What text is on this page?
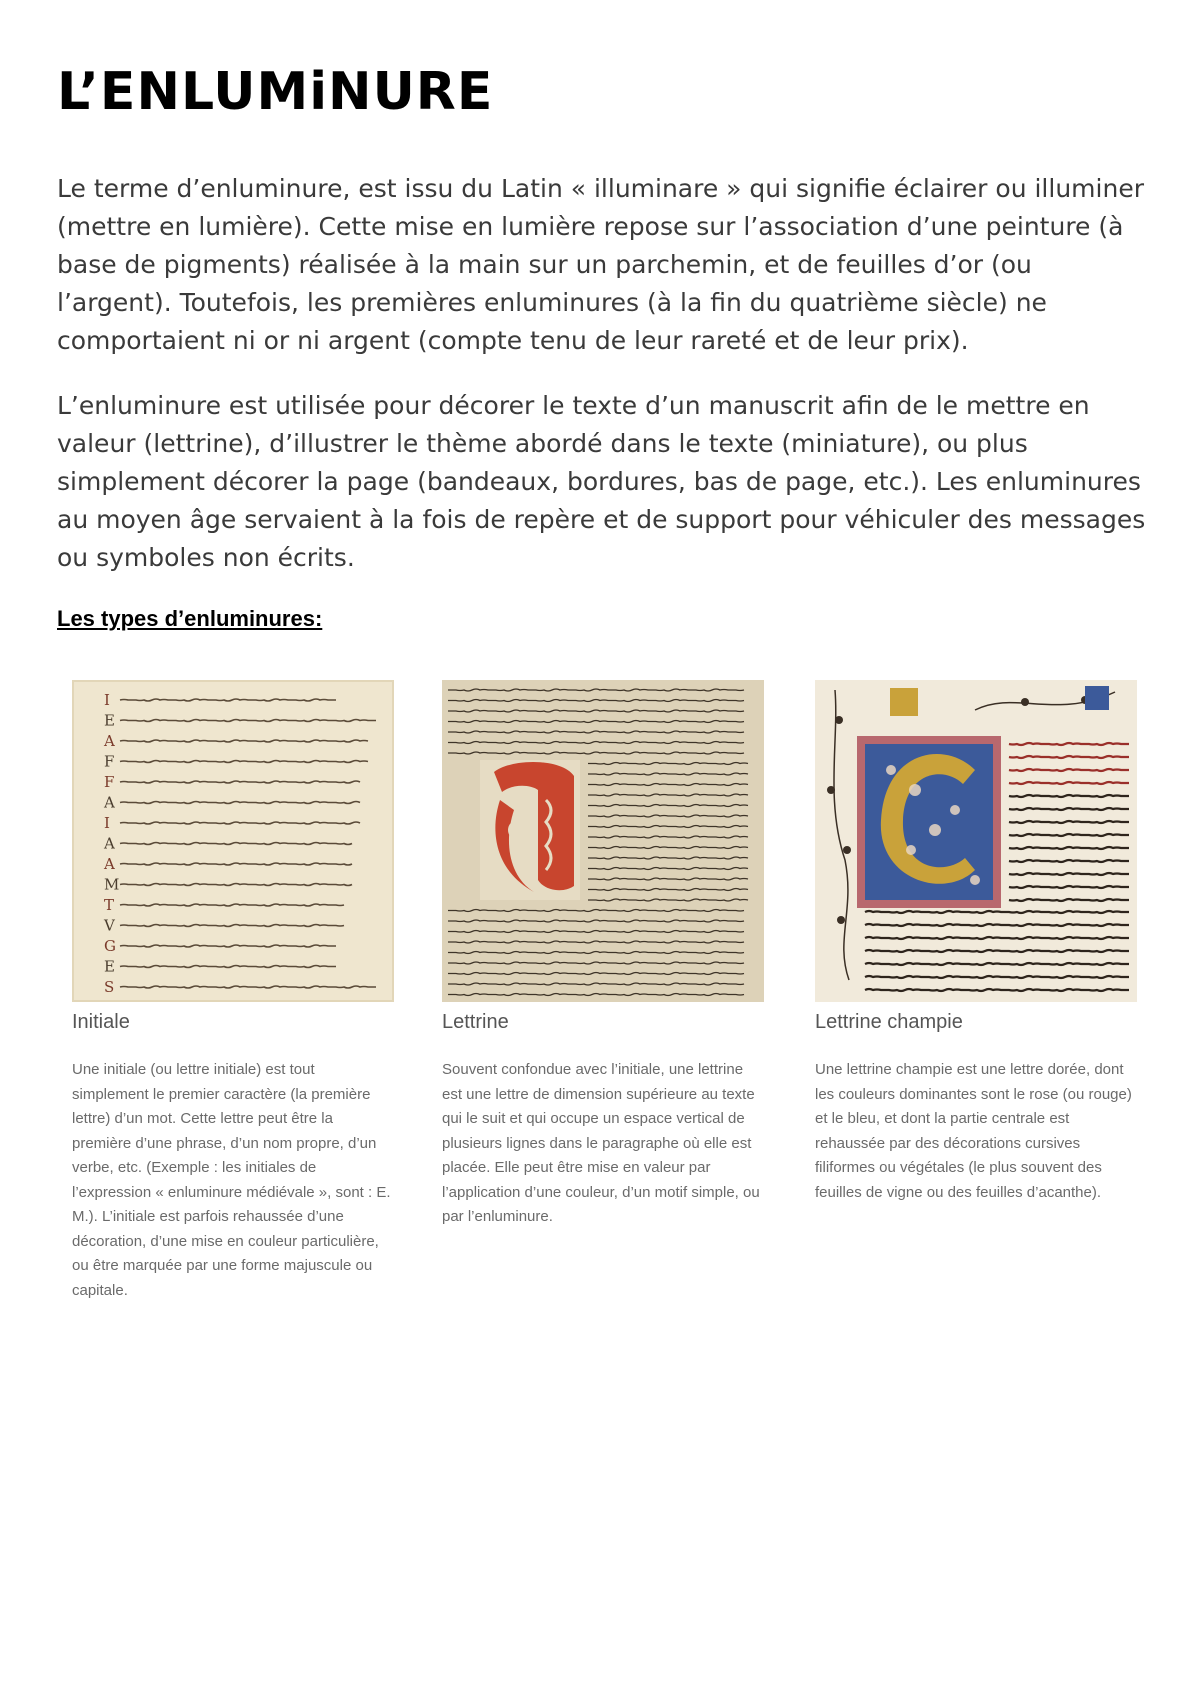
L’ENLUMiNURE

Le terme d’enluminure, est issu du Latin « illuminare » qui signifie éclairer ou illuminer (mettre en lumière). Cette mise en lumière repose sur l’association d’une peinture (à base de pigments) réalisée à la main sur un parchemin, et de feuilles d’or (ou l’argent). Toutefois, les premières enluminures (à la fin du quatrième siècle) ne comportaient ni or ni argent (compte tenu de leur rareté et de leur prix).

L’enluminure est utilisée pour décorer le texte d’un manuscrit afin de le mettre en valeur (lettrine), d’illustrer le thème abordé dans le texte (miniature), ou plus simplement décorer la page (bandeaux, bordures, bas de page, etc.). Les enluminures au moyen âge servaient à la fois de repère et de support pour véhiculer des messages ou symboles non écrits.

Les types d’enluminures:
I
E
A
F
F
A
I
A
A
M
T
V
G
E
S
Initiale

Une initiale (ou lettre initiale) est tout simplement le premier caractère (la première lettre) d’un mot. Cette lettre peut être la première d’une phrase, d’un nom propre, d’un verbe, etc. (Exemple : les initiales de l’expression « enluminure médiévale », sont : E. M.). L’initiale est parfois rehaussée d’une décoration, d’une mise en couleur particulière, ou être marquée par une forme majuscule ou capitale.

Lettrine

Souvent confondue avec l’initiale, une lettrine est une lettre de dimension supérieure au texte qui le suit et qui occupe un espace vertical de plusieurs lignes dans le paragraphe où elle est placée. Elle peut être mise en valeur par l’application d’une couleur, d’un motif simple, ou par l’enluminure.

Lettrine champie

Une lettrine champie est une lettre dorée, dont les couleurs dominantes sont le rose (ou rouge) et le bleu, et dont la partie centrale est rehaussée par des décorations cursives filiformes ou végétales (le plus souvent des feuilles de vigne ou des feuilles d’acanthe).
